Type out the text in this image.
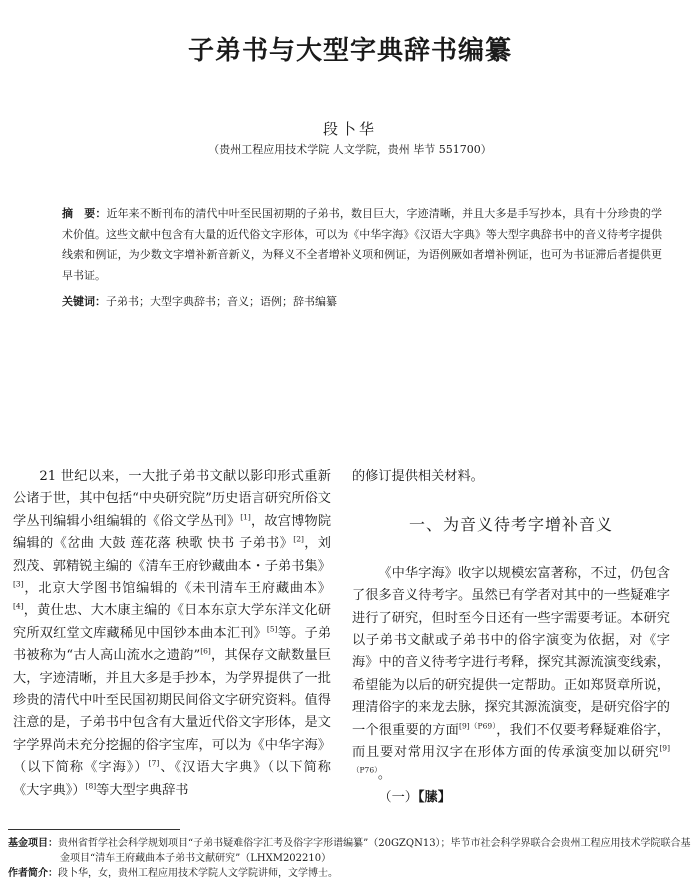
子弟书与大型字典辞书编纂
段卜华
（贵州工程应用技术学院 人文学院，贵州 毕节 551700）
摘　要：近年来不断刊布的清代中叶至民国初期的子弟书，数目巨大，字迹清晰，并且大多是手写抄本，具有十分珍贵的学术价值。这些文献中包含有大量的近代俗文字形体，可以为《中华字海》《汉语大字典》等大型字典辞书中的音义待考字提供线索和例证，为少数文字增补新音新义，为释义不全者增补义项和例证，为语例厥如者增补例证，也可为书证滞后者提供更早书证。
关键词：子弟书；大型字典辞书；音义；语例；辞书编纂

21 世纪以来，一大批子弟书文献以影印形式重新公诸于世，其中包括“中央研究院”历史语言研究所俗文学丛刊编辑小组编辑的《俗文学丛刊》[1]，故宫博物院编辑的《岔曲 大鼓 莲花落 秧歌 快书 子弟书》[2]，刘烈茂、郭精锐主编的《清车王府钞藏曲本・子弟书集》[3]，北京大学图书馆编辑的《未刊清车王府藏曲本》[4]，黄仕忠、大木康主编的《日本东京大学东洋文化研究所双红堂文库藏稀见中国钞本曲本汇刊》[5]等。子弟书被称为“古人高山流水之遗韵”[6]，其保存文献数量巨大，字迹清晰，并且大多是手抄本，为学界提供了一批珍贵的清代中叶至民国初期民间俗文字研究资料。值得注意的是，子弟书中包含有大量近代俗文字形体，是文字学界尚未充分挖掘的俗字宝库，可以为《中华字海》（以下简称《字海》）[7]、《汉语大字典》（以下简称《大字典》）[8]等大型字典辞书

的修订提供相关材料。

一、为音义待考字增补音义

《中华字海》收字以规模宏富著称，不过，仍包含了很多音义待考字。虽然已有学者对其中的一些疑难字进行了研究，但时至今日还有一些字需要考证。本研究以子弟书文献或子弟书中的俗字演变为依据，对《字海》中的音义待考字进行考释，探究其源流演变线索，希望能为以后的研究提供一定帮助。正如郑贤章所说，理清俗字的来龙去脉，探究其源流演变，是研究俗字的一个很重要的方面$^{[9](P69)}$，我们不仅要考释疑难俗字，而且要对常用汉字在形体方面的传承演变加以研究$^{[9](P76)}$。

（一）【膆】

基金项目：贵州省哲学社会科学规划项目“子弟书疑难俗字汇考及俗字字形谱编纂”（20GZQN13）；毕节市社会科学界联合会贵州工程应用技术学院联合基金项目“清车王府藏曲本子弟书文献研究”（LHXM202210）
作者简介：段卜华，女，贵州工程应用技术学院人文学院讲师，文学博士。
